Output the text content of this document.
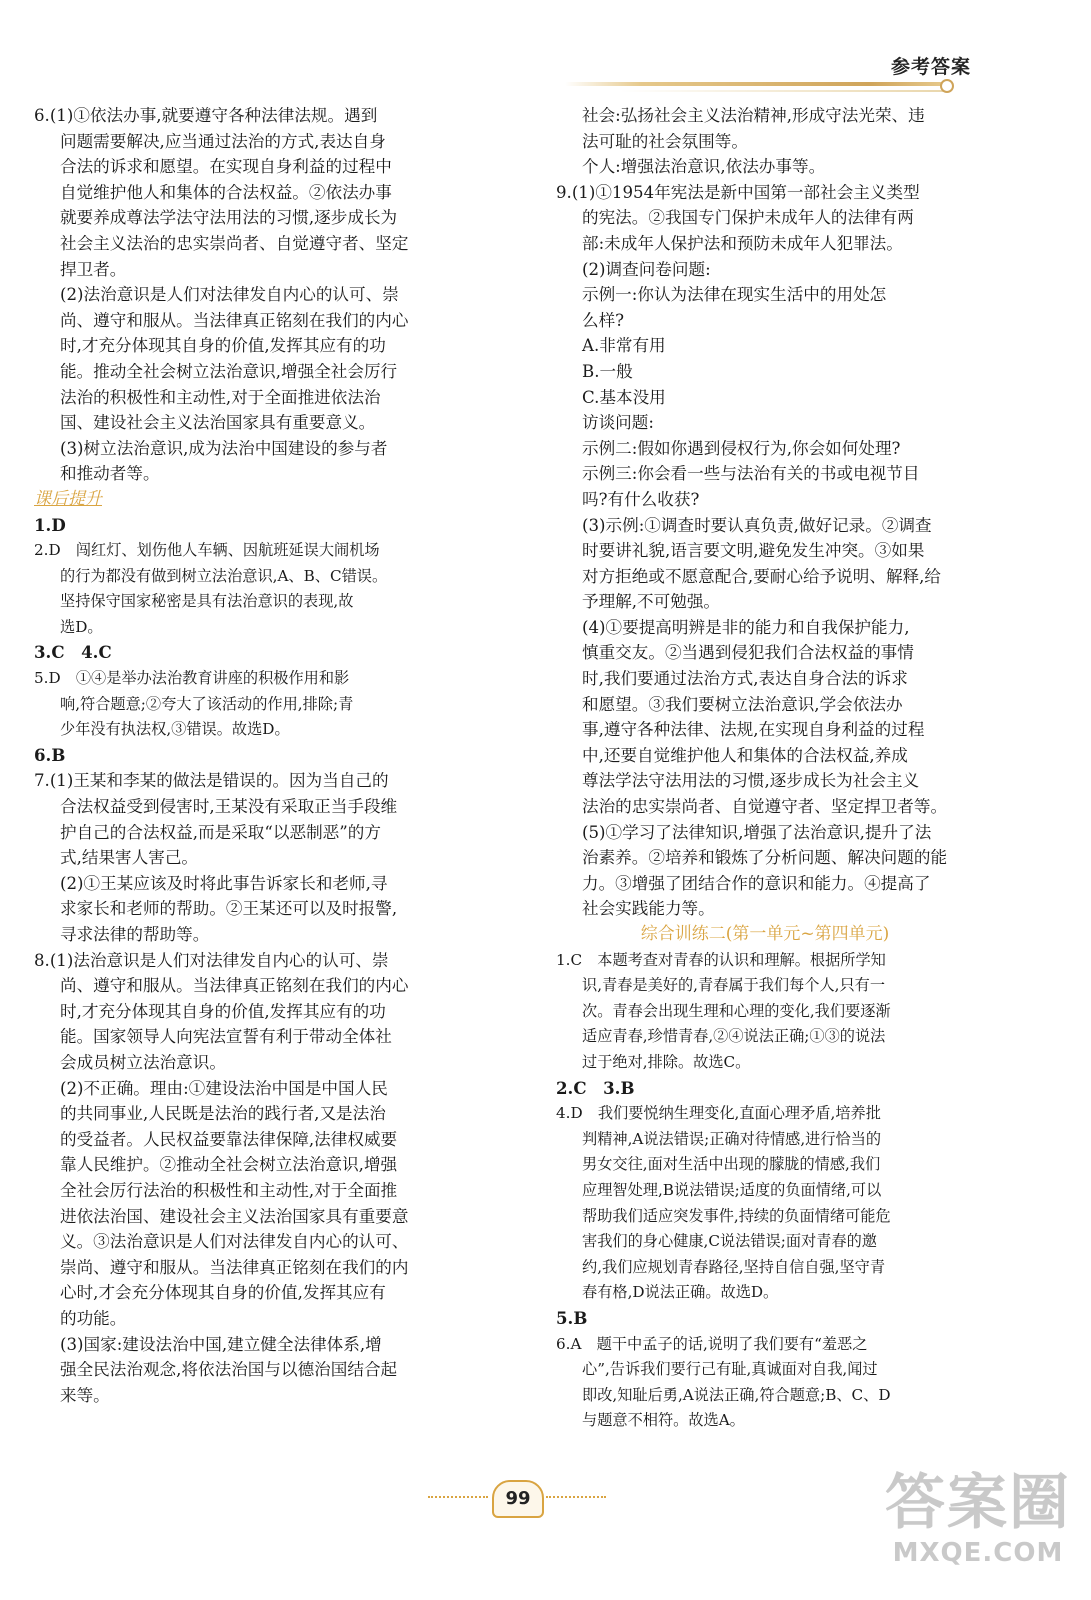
参考答案

6.(1)①依法办事,就要遵守各种法律法规。遇到

问题需要解决,应当通过法治的方式,表达自身

合法的诉求和愿望。在实现自身利益的过程中

自觉维护他人和集体的合法权益。②依法办事

就要养成尊法学法守法用法的习惯,逐步成长为

社会主义法治的忠实崇尚者、自觉遵守者、坚定

捍卫者。

(2)法治意识是人们对法律发自内心的认可、崇

尚、遵守和服从。当法律真正铭刻在我们的内心

时,才充分体现其自身的价值,发挥其应有的功

能。推动全社会树立法治意识,增强全社会厉行

法治的积极性和主动性,对于全面推进依法治

国、建设社会主义法治国家具有重要意义。

(3)树立法治意识,成为法治中国建设的参与者

和推动者等。

课后提升

1.D

2.D　闯红灯、划伤他人车辆、因航班延误大闹机场

的行为都没有做到树立法治意识,A、B、C错误。

坚持保守国家秘密是具有法治意识的表现,故

选D。

3.C　4.C

5.D　①④是举办法治教育讲座的积极作用和影

响,符合题意;②夸大了该活动的作用,排除;青

少年没有执法权,③错误。故选D。

6.B

7.(1)王某和李某的做法是错误的。因为当自己的

合法权益受到侵害时,王某没有采取正当手段维

护自己的合法权益,而是采取“以恶制恶”的方

式,结果害人害己。

(2)①王某应该及时将此事告诉家长和老师,寻

求家长和老师的帮助。②王某还可以及时报警,

寻求法律的帮助等。

8.(1)法治意识是人们对法律发自内心的认可、崇

尚、遵守和服从。当法律真正铭刻在我们的内心

时,才充分体现其自身的价值,发挥其应有的功

能。国家领导人向宪法宣誓有利于带动全体社

会成员树立法治意识。

(2)不正确。理由:①建设法治中国是中国人民

的共同事业,人民既是法治的践行者,又是法治

的受益者。人民权益要靠法律保障,法律权威要

靠人民维护。②推动全社会树立法治意识,增强

全社会厉行法治的积极性和主动性,对于全面推

进依法治国、建设社会主义法治国家具有重要意

义。③法治意识是人们对法律发自内心的认可、

崇尚、遵守和服从。当法律真正铭刻在我们的内

心时,才会充分体现其自身的价值,发挥其应有

的功能。

(3)国家:建设法治中国,建立健全法律体系,增

强全民法治观念,将依法治国与以德治国结合起

来等。

社会:弘扬社会主义法治精神,形成守法光荣、违

法可耻的社会氛围等。

个人:增强法治意识,依法办事等。

9.(1)①1954年宪法是新中国第一部社会主义类型

的宪法。②我国专门保护未成年人的法律有两

部:未成年人保护法和预防未成年人犯罪法。

(2)调查问卷问题:

示例一:你认为法律在现实生活中的用处怎

么样?

A.非常有用

B.一般

C.基本没用

访谈问题:

示例二:假如你遇到侵权行为,你会如何处理?

示例三:你会看一些与法治有关的书或电视节目

吗?有什么收获?

(3)示例:①调查时要认真负责,做好记录。②调查

时要讲礼貌,语言要文明,避免发生冲突。③如果

对方拒绝或不愿意配合,要耐心给予说明、解释,给

予理解,不可勉强。

(4)①要提高明辨是非的能力和自我保护能力,

慎重交友。②当遇到侵犯我们合法权益的事情

时,我们要通过法治方式,表达自身合法的诉求

和愿望。③我们要树立法治意识,学会依法办

事,遵守各种法律、法规,在实现自身利益的过程

中,还要自觉维护他人和集体的合法权益,养成

尊法学法守法用法的习惯,逐步成长为社会主义

法治的忠实崇尚者、自觉遵守者、坚定捍卫者等。

(5)①学习了法律知识,增强了法治意识,提升了法

治素养。②培养和锻炼了分析问题、解决问题的能

力。③增强了团结合作的意识和能力。④提高了

社会实践能力等。

综合训练二(第一单元~第四单元)

1.C　本题考查对青春的认识和理解。根据所学知

识,青春是美好的,青春属于我们每个人,只有一

次。青春会出现生理和心理的变化,我们要逐渐

适应青春,珍惜青春,②④说法正确;①③的说法

过于绝对,排除。故选C。

2.C　3.B

4.D　我们要悦纳生理变化,直面心理矛盾,培养批

判精神,A说法错误;正确对待情感,进行恰当的

男女交往,面对生活中出现的朦胧的情感,我们

应理智处理,B说法错误;适度的负面情绪,可以

帮助我们适应突发事件,持续的负面情绪可能危

害我们的身心健康,C说法错误;面对青春的邀

约,我们应规划青春路径,坚持自信自强,坚守青

春有格,D说法正确。故选D。

5.B

6.A　题干中孟子的话,说明了我们要有“羞恶之

心”,告诉我们要行己有耻,真诚面对自我,闻过

即改,知耻后勇,A说法正确,符合题意;B、C、D

与题意不相符。故选A。

99	答案圈
MXQE.COM
